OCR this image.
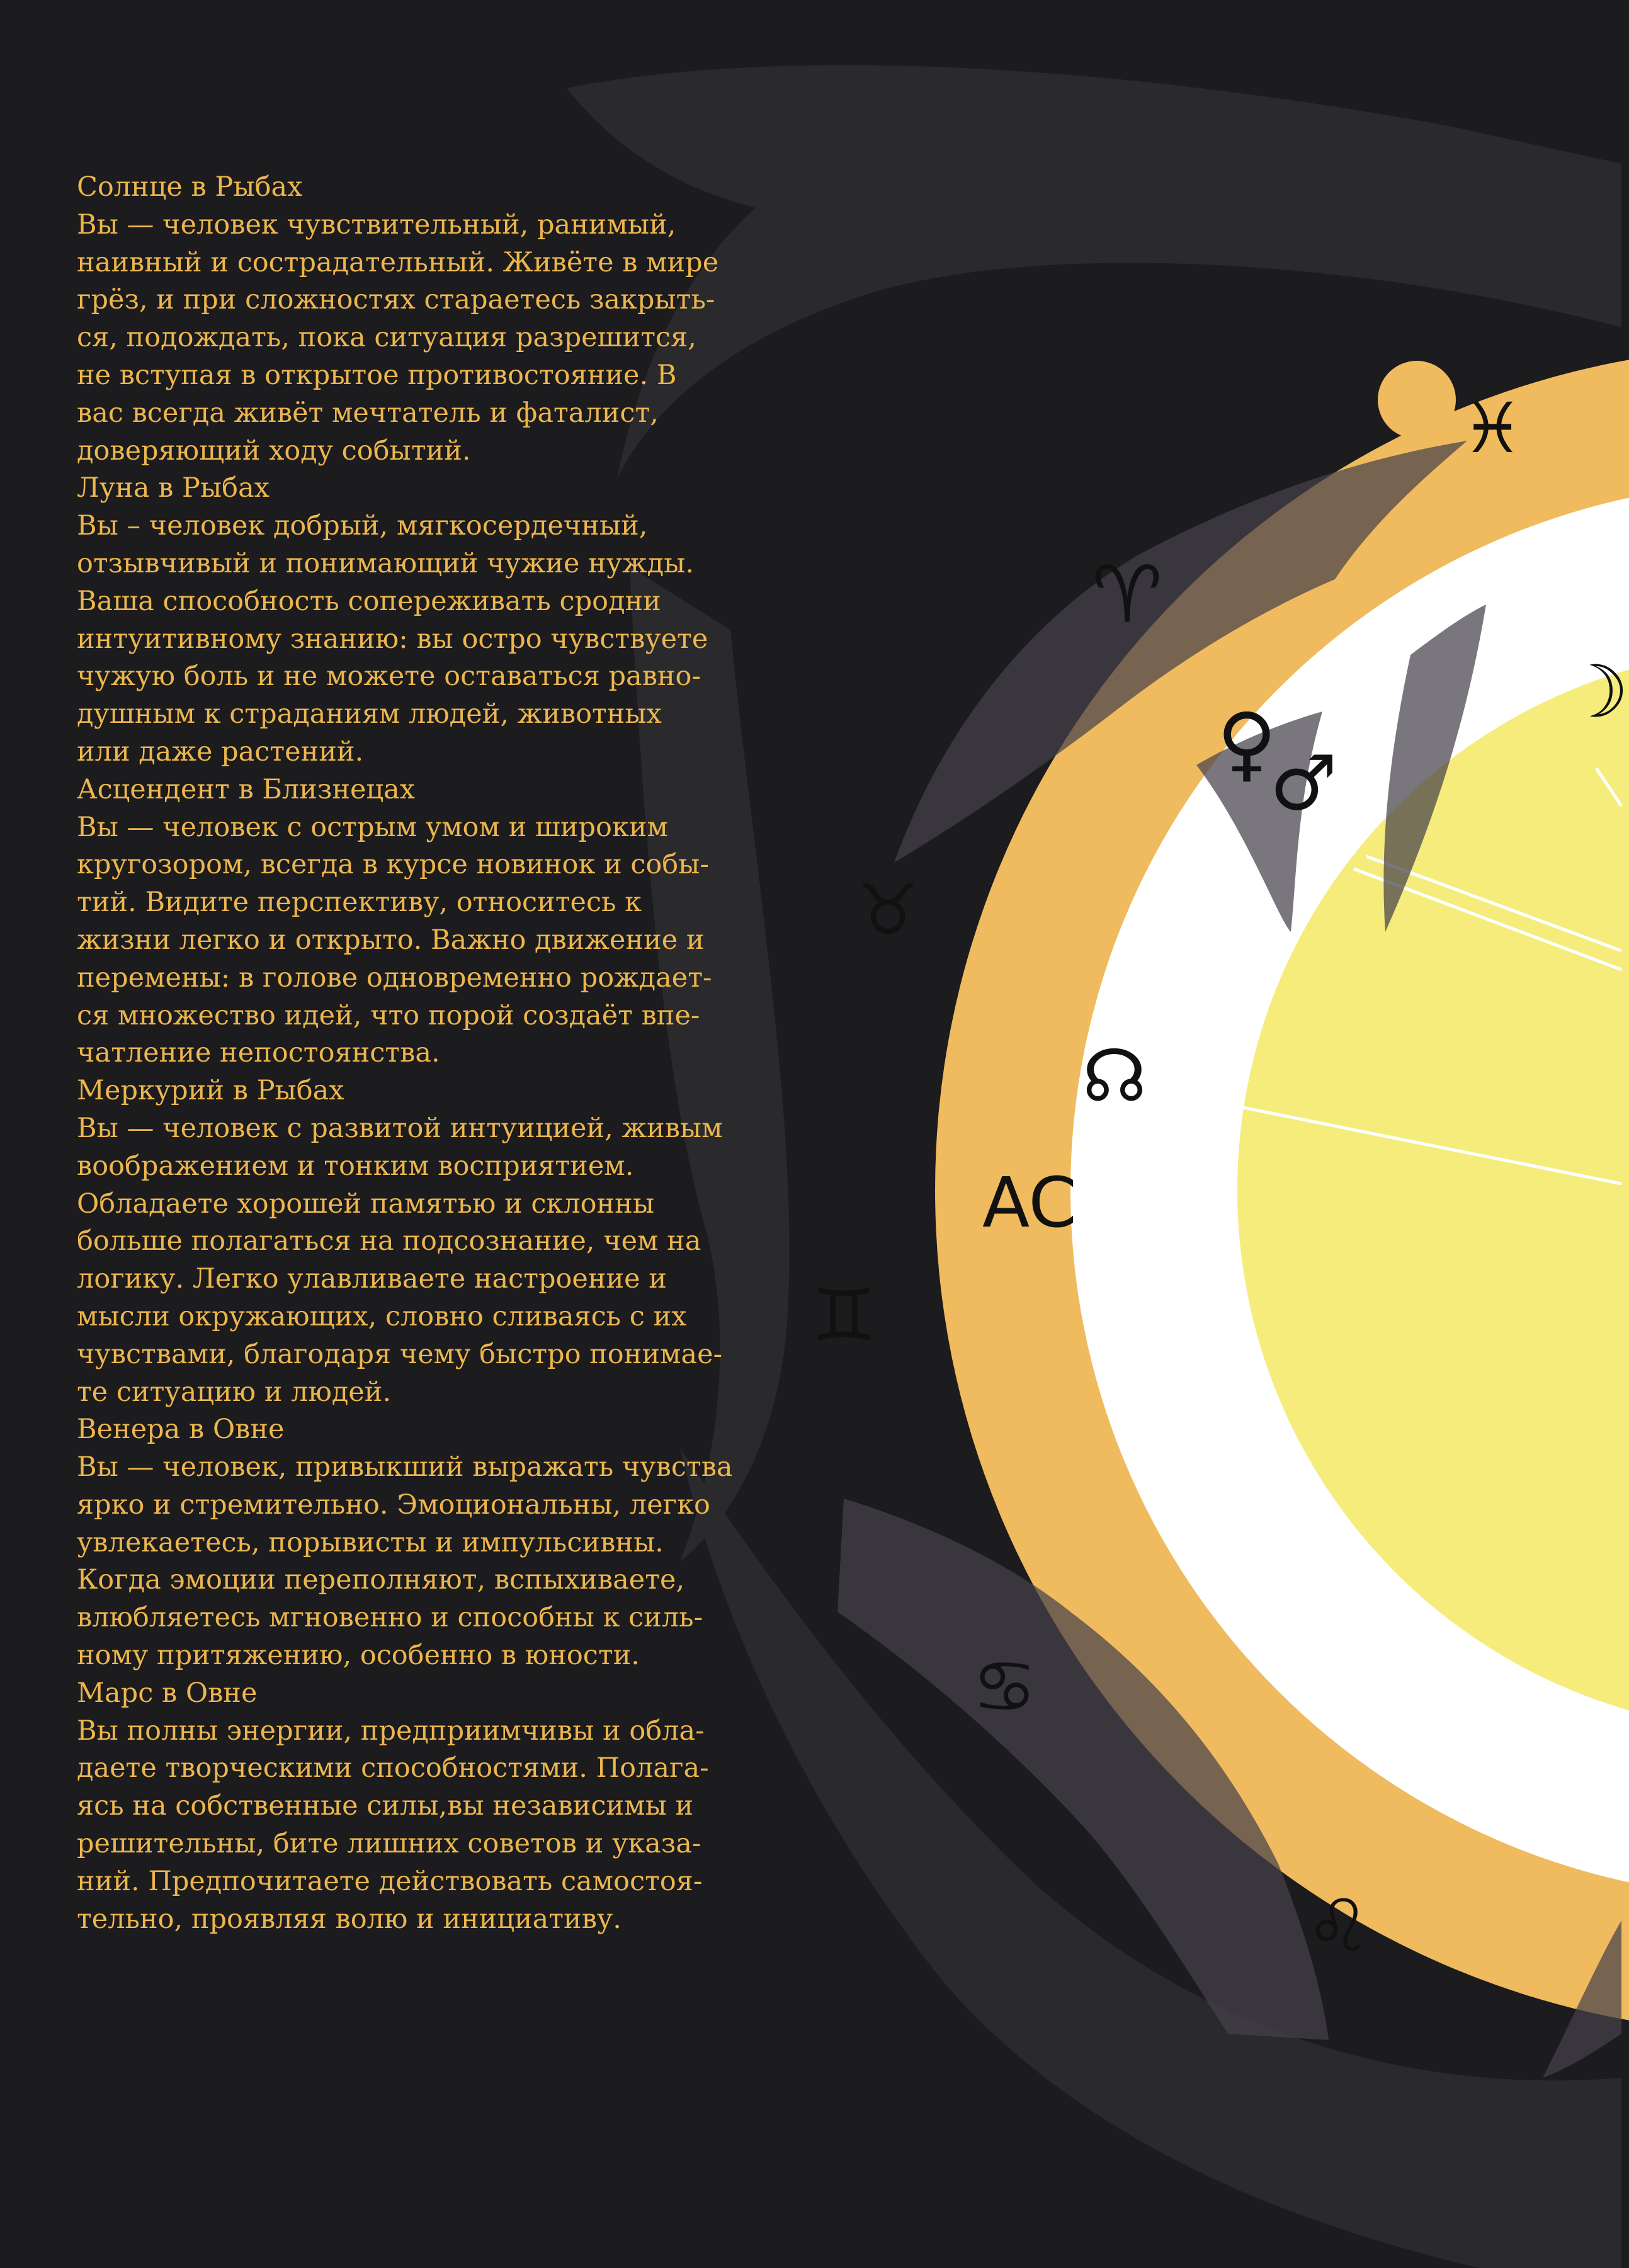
♓
♈
♉
♊
♋
♌
☽
♀
♂
☊
AC
Солнце в Рыбах
Вы — человек чувствительный, ранимый,
наивный и сострадательный. Живёте в мире
грёз, и при сложностях стараетесь закрыть-
ся, подождать, пока ситуация разрешится,
не вступая в открытое противостояние. В
вас всегда живёт мечтатель и фаталист,
доверяющий ходу событий.
Луна в Рыбах
Вы – человек добрый, мягкосердечный,
отзывчивый и понимающий чужие нужды.
Ваша способность сопереживать сродни
интуитивному знанию: вы остро чувствуете
чужую боль и не можете оставаться равно-
душным к страданиям людей, животных
или даже растений.
Асцендент в Близнецах
Вы — человек с острым умом и широким
кругозором, всегда в курсе новинок и собы-
тий. Видите перспективу, относитесь к
жизни легко и открыто. Важно движение и
перемены: в голове одновременно рождает-
ся множество идей, что порой создаёт впе-
чатление непостоянства.
Меркурий в Рыбах
Вы — человек с развитой интуицией, живым
воображением и тонким восприятием.
Обладаете хорошей памятью и склонны
больше полагаться на подсознание, чем на
логику. Легко улавливаете настроение и
мысли окружающих, словно сливаясь с их
чувствами, благодаря чему быстро понимае-
те ситуацию и людей.
Венера в Овне
Вы — человек, привыкший выражать чувства
ярко и стремительно. Эмоциональны, легко
увлекаетесь, порывисты и импульсивны.
Когда эмоции переполняют, вспыхиваете,
влюбляетесь мгновенно и способны к силь-
ному притяжению, особенно в юности.
Марс в Овне
Вы полны энергии, предприимчивы и обла-
даете творческими способностями. Полага-
ясь на собственные силы,вы независимы и
решительны, бите лишних советов и указа-
ний. Предпочитаете действовать самостоя-
тельно, проявляя волю и инициативу.
